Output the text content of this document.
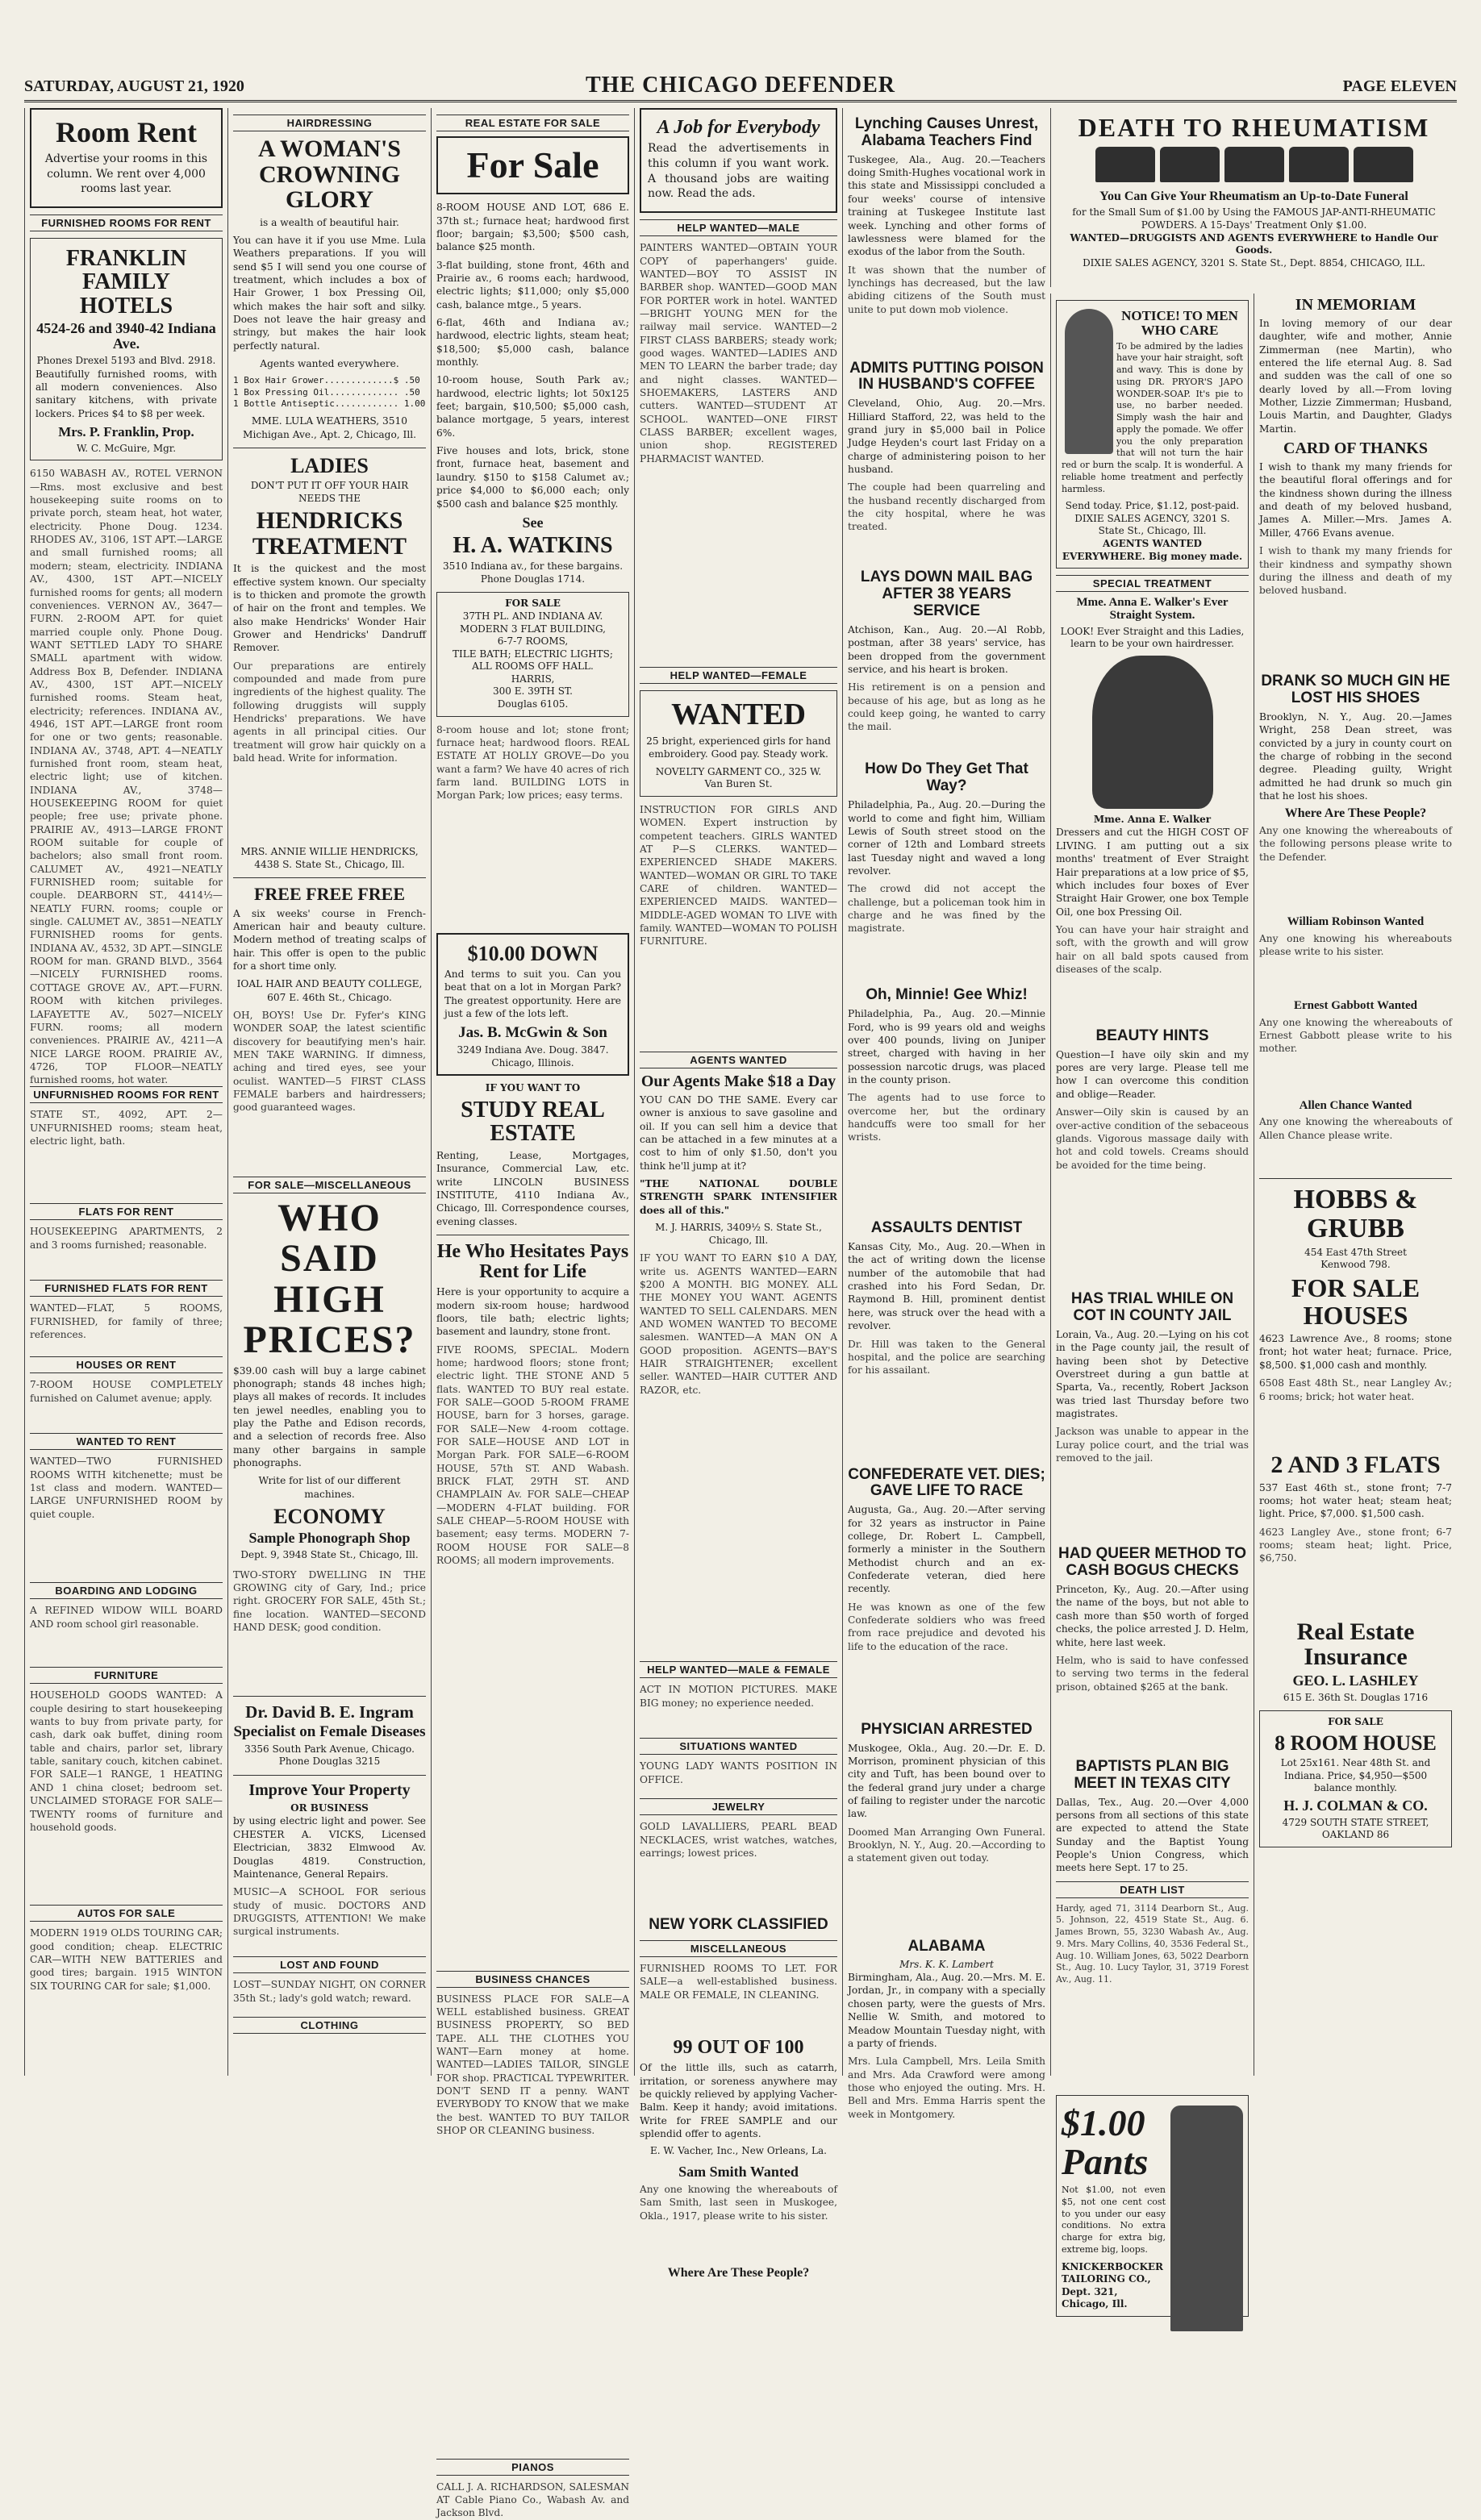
SATURDAY, AUGUST 21, 1920	THE CHICAGO DEFENDER	PAGE ELEVEN
Room Rent
Advertise your rooms in this column. We rent over 4,000 rooms last year.
FURNISHED ROOMS FOR RENT
FRANKLIN FAMILY HOTELS
4524-26 and 3940-42 Indiana Ave.
Phones Drexel 5193 and Blvd. 2918.
Beautifully furnished rooms, with all modern conveniences. Also sanitary kitchens, with private lockers. Prices $4 to $8 per week.
Mrs. P. Franklin, Prop.
W. C. McGuire, Mgr.
6150 WABASH AV., ROTEL VERNON—Rms. most exclusive and best housekeeping suite rooms on to private porch, steam heat, hot water, electricity. Phone Doug. 1234. RHODES AV., 3106, 1ST APT.—LARGE and small furnished rooms; all modern; steam, electricity. INDIANA AV., 4300, 1ST APT.—NICELY furnished rooms for gents; all modern conveniences. VERNON AV., 3647—FURN. 2-ROOM APT. for quiet married couple only. Phone Doug. WANT SETTLED LADY TO SHARE SMALL apartment with widow. Address Box B, Defender. INDIANA AV., 4300, 1ST APT.—NICELY furnished rooms. Steam heat, electricity; references. INDIANA AV., 4946, 1ST APT.—LARGE front room for one or two gents; reasonable. INDIANA AV., 3748, APT. 4—NEATLY furnished front room, steam heat, electric light; use of kitchen. INDIANA AV., 3748—HOUSEKEEPING ROOM for quiet people; free use; private phone. PRAIRIE AV., 4913—LARGE FRONT ROOM suitable for couple of bachelors; also small front room. CALUMET AV., 4921—NEATLY FURNISHED room; suitable for couple. DEARBORN ST., 4414½—NEATLY FURN. rooms; couple or single. CALUMET AV., 3851—NEATLY FURNISHED rooms for gents. INDIANA AV., 4532, 3D APT.—SINGLE ROOM for man. GRAND BLVD., 3564—NICELY FURNISHED rooms. COTTAGE GROVE AV., APT.—FURN. ROOM with kitchen privileges. LAFAYETTE AV., 5027—NICELY FURN. rooms; all modern conveniences. PRAIRIE AV., 4211—A NICE LARGE ROOM. PRAIRIE AV., 4726, TOP FLOOR—NEATLY furnished rooms, hot water.
UNFURNISHED ROOMS FOR RENT
STATE ST., 4092, APT. 2—UNFURNISHED rooms; steam heat, electric light, bath.
FLATS FOR RENT
HOUSEKEEPING APARTMENTS, 2 and 3 rooms furnished; reasonable.
FURNISHED FLATS FOR RENT
WANTED—FLAT, 5 ROOMS, FURNISHED, for family of three; references.
HOUSES OR RENT
7-ROOM HOUSE COMPLETELY furnished on Calumet avenue; apply.
WANTED TO RENT
WANTED—TWO FURNISHED ROOMS WITH kitchenette; must be 1st class and modern. WANTED—LARGE UNFURNISHED ROOM by quiet couple.
BOARDING AND LODGING
A REFINED WIDOW WILL BOARD AND room school girl reasonable.
FURNITURE
HOUSEHOLD GOODS WANTED: A couple desiring to start housekeeping wants to buy from private party, for cash, dark oak buffet, dining room table and chairs, parlor set, library table, sanitary couch, kitchen cabinet. FOR SALE—1 RANGE, 1 HEATING AND 1 china closet; bedroom set. UNCLAIMED STORAGE FOR SALE—TWENTY rooms of furniture and household goods.
AUTOS FOR SALE
MODERN 1919 OLDS TOURING CAR; good condition; cheap. ELECTRIC CAR—WITH NEW BATTERIES and good tires; bargain. 1915 WINTON SIX TOURING CAR for sale; $1,000.
HAIRDRESSING
A WOMAN'S CROWNING GLORY
is a wealth of beautiful hair.
You can have it if you use Mme. Lula Weathers preparations. If you will send $5 I will send you one course of treatment, which includes a box of Hair Grower, 1 box Pressing Oil, which makes the hair soft and silky. Does not leave the hair greasy and stringy, but makes the hair look perfectly natural.
Agents wanted everywhere.
1 Box Hair Grower.............$ .50
1 Box Pressing Oil............. .50
1 Bottle Antiseptic............ 1.00
MME. LULA WEATHERS, 3510 Michigan Ave., Apt. 2, Chicago, Ill.
LADIES
DON'T PUT IT OFF YOUR HAIR NEEDS THE
HENDRICKS TREATMENT
It is the quickest and the most effective system known. Our specialty is to thicken and promote the growth of hair on the front and temples. We also make Hendricks' Wonder Hair Grower and Hendricks' Dandruff Remover.
Our preparations are entirely compounded and made from pure ingredients of the highest quality. The following druggists will supply Hendricks' preparations. We have agents in all principal cities. Our treatment will grow hair quickly on a bald head. Write for information.
MRS. ANNIE WILLIE HENDRICKS, 4438 S. State St., Chicago, Ill.
FREE FREE FREE
A six weeks' course in French-American hair and beauty culture. Modern method of treating scalps of hair. This offer is open to the public for a short time only.
IOAL HAIR AND BEAUTY COLLEGE, 607 E. 46th St., Chicago.
OH, BOYS! Use Dr. Fyfer's KING WONDER SOAP, the latest scientific discovery for beautifying men's hair. MEN TAKE WARNING. If dimness, aching and tired eyes, see your oculist. WANTED—5 FIRST CLASS FEMALE barbers and hairdressers; good guaranteed wages.
FOR SALE—MISCELLANEOUS
WHO SAID HIGH PRICES?
$39.00 cash will buy a large cabinet phonograph; stands 48 inches high; plays all makes of records. It includes ten jewel needles, enabling you to play the Pathe and Edison records, and a selection of records free. Also many other bargains in sample phonographs.
Write for list of our different machines.
ECONOMY
Sample Phonograph Shop
Dept. 9, 3948 State St., Chicago, Ill.
TWO-STORY DWELLING IN THE GROWING city of Gary, Ind.; price right. GROCERY FOR SALE, 45th St.; fine location. WANTED—SECOND HAND DESK; good condition.
Dr. David B. E. Ingram
Specialist on Female Diseases
3356 South Park Avenue, Chicago. Phone Douglas 3215
Improve Your Property
OR BUSINESS
by using electric light and power. See CHESTER A. VICKS, Licensed Electrician, 3832 Elmwood Av. Douglas 4819. Construction, Maintenance, General Repairs.
MUSIC—A SCHOOL FOR serious study of music. DOCTORS AND DRUGGISTS, ATTENTION! We make surgical instruments.
LOST AND FOUND
LOST—SUNDAY NIGHT, ON CORNER 35th St.; lady's gold watch; reward.
CLOTHING
REAL ESTATE FOR SALE
For Sale
8-ROOM HOUSE AND LOT, 686 E. 37th st.; furnace heat; hardwood first floor; bargain; $3,500; $500 cash, balance $25 month.
3-flat building, stone front, 46th and Prairie av., 6 rooms each; hardwood, electric lights; $11,000; only $5,000 cash, balance mtge., 5 years.
6-flat, 46th and Indiana av.; hardwood, electric lights, steam heat; $18,500; $5,000 cash, balance monthly.
10-room house, South Park av.; hardwood, electric lights; lot 50x125 feet; bargain, $10,500; $5,000 cash, balance mortgage, 5 years, interest 6%.
Five houses and lots, brick, stone front, furnace heat, basement and laundry. $150 to $158 Calumet av.; price $4,000 to $6,000 each; only $500 cash and balance $25 monthly.
See
H. A. WATKINS
3510 Indiana av., for these bargains. Phone Douglas 1714.
FOR SALE
37TH PL. AND INDIANA AV.
MODERN 3 FLAT BUILDING,
6-7-7 ROOMS,
TILE BATH; ELECTRIC LIGHTS;
ALL ROOMS OFF HALL.
HARRIS,
300 E. 39TH ST.
Douglas 6105.
8-room house and lot; stone front; furnace heat; hardwood floors. REAL ESTATE AT HOLLY GROVE—Do you want a farm? We have 40 acres of rich farm land. BUILDING LOTS in Morgan Park; low prices; easy terms.
$10.00 DOWN
And terms to suit you. Can you beat that on a lot in Morgan Park? The greatest opportunity. Here are just a few of the lots left.
Jas. B. McGwin & Son
3249 Indiana Ave. Doug. 3847. Chicago, Illinois.
IF YOU WANT TO
STUDY REAL ESTATE
Renting, Lease, Mortgages, Insurance, Commercial Law, etc. write LINCOLN BUSINESS INSTITUTE, 4110 Indiana Av., Chicago, Ill. Correspondence courses, evening classes.
He Who Hesitates Pays Rent for Life
Here is your opportunity to acquire a modern six-room house; hardwood floors, tile bath; electric lights; basement and laundry, stone front.
FIVE ROOMS, SPECIAL. Modern home; hardwood floors; stone front; electric light. THE STONE AND 5 flats. WANTED TO BUY real estate. FOR SALE—GOOD 5-ROOM FRAME HOUSE, barn for 3 horses, garage. FOR SALE—New 4-room cottage. FOR SALE—HOUSE AND LOT in Morgan Park. FOR SALE—6-ROOM HOUSE, 57th ST. AND Wabash. BRICK FLAT, 29TH ST. AND CHAMPLAIN Av. FOR SALE—CHEAP—MODERN 4-FLAT building. FOR SALE CHEAP—5-ROOM HOUSE with basement; easy terms. MODERN 7-ROOM HOUSE FOR SALE—8 ROOMS; all modern improvements.
BUSINESS CHANCES
BUSINESS PLACE FOR SALE—A WELL established business. GREAT BUSINESS PROPERTY, SO BED TAPE. ALL THE CLOTHES YOU WANT—Earn money at home. WANTED—LADIES TAILOR, SINGLE FOR shop. PRACTICAL TYPEWRITER. DON'T SEND IT a penny. WANT EVERYBODY TO KNOW that we make the best. WANTED TO BUY TAILOR SHOP OR CLEANING business.
PIANOS
CALL J. A. RICHARDSON, SALESMAN AT Cable Piano Co., Wabash Av. and Jackson Blvd.
A Job for Everybody
Read the advertisements in this column if you want work. A thousand jobs are waiting now. Read the ads.
HELP WANTED—MALE
PAINTERS WANTED—OBTAIN YOUR COPY of paperhangers' guide. WANTED—BOY TO ASSIST IN BARBER shop. WANTED—GOOD MAN FOR PORTER work in hotel. WANTED—BRIGHT YOUNG MEN for the railway mail service. WANTED—2 FIRST CLASS BARBERS; steady work; good wages. WANTED—LADIES AND MEN TO LEARN the barber trade; day and night classes. WANTED—SHOEMAKERS, LASTERS AND cutters. WANTED—STUDENT AT SCHOOL. WANTED—ONE FIRST CLASS BARBER; excellent wages, union shop. REGISTERED PHARMACIST WANTED.
HELP WANTED—FEMALE
WANTED
25 bright, experienced girls for hand embroidery. Good pay. Steady work.
NOVELTY GARMENT CO., 325 W. Van Buren St.
INSTRUCTION FOR GIRLS AND WOMEN. Expert instruction by competent teachers. GIRLS WANTED AT P—S CLERKS. WANTED—EXPERIENCED SHADE MAKERS. WANTED—WOMAN OR GIRL TO TAKE CARE of children. WANTED—EXPERIENCED MAIDS. WANTED—MIDDLE-AGED WOMAN TO LIVE with family. WANTED—WOMAN TO POLISH FURNITURE.
AGENTS WANTED
Our Agents Make $18 a Day
YOU CAN DO THE SAME. Every car owner is anxious to save gasoline and oil. If you can sell him a device that can be attached in a few minutes at a cost to him of only $1.50, don't you think he'll jump at it?
"THE NATIONAL DOUBLE STRENGTH SPARK INTENSIFIER does all of this."
M. J. HARRIS, 3409½ S. State St., Chicago, Ill.
IF YOU WANT TO EARN $10 A DAY, write us. AGENTS WANTED—EARN $200 A MONTH. BIG MONEY. ALL THE MONEY YOU WANT. AGENTS WANTED TO SELL CALENDARS. MEN AND WOMEN WANTED TO BECOME salesmen. WANTED—A MAN ON A GOOD proposition. AGENTS—BAY'S HAIR STRAIGHTENER; excellent seller. WANTED—HAIR CUTTER AND RAZOR, etc.
HELP WANTED—MALE & FEMALE
ACT IN MOTION PICTURES. MAKE BIG money; no experience needed.
SITUATIONS WANTED
YOUNG LADY WANTS POSITION IN OFFICE.
JEWELRY
GOLD LAVALLIERS, PEARL BEAD NECKLACES, wrist watches, watches, earrings; lowest prices.
NEW YORK CLASSIFIED
MISCELLANEOUS
FURNISHED ROOMS TO LET. FOR SALE—a well-established business. MALE OR FEMALE, IN CLEANING.
99 OUT OF 100
Of the little ills, such as catarrh, irritation, or soreness anywhere may be quickly relieved by applying Vacher-Balm. Keep it handy; avoid imitations. Write for FREE SAMPLE and our splendid offer to agents.
E. W. Vacher, Inc., New Orleans, La.
Sam Smith Wanted
Any one knowing the whereabouts of Sam Smith, last seen in Muskogee, Okla., 1917, please write to his sister.
Where Are These People?
Lynching Causes Unrest, Alabama Teachers Find
Tuskegee, Ala., Aug. 20.—Teachers doing Smith-Hughes vocational work in this state and Mississippi concluded a four weeks' course of intensive training at Tuskegee Institute last week. Lynching and other forms of lawlessness were blamed for the exodus of the labor from the South.
It was shown that the number of lynchings has decreased, but the law abiding citizens of the South must unite to put down mob violence.
ADMITS PUTTING POISON IN HUSBAND'S COFFEE
Cleveland, Ohio, Aug. 20.—Mrs. Hilliard Stafford, 22, was held to the grand jury in $5,000 bail in Police Judge Heyden's court last Friday on a charge of administering poison to her husband.
The couple had been quarreling and the husband recently discharged from the city hospital, where he was treated.
LAYS DOWN MAIL BAG AFTER 38 YEARS SERVICE
Atchison, Kan., Aug. 20.—Al Robb, postman, after 38 years' service, has been dropped from the government service, and his heart is broken.
His retirement is on a pension and because of his age, but as long as he could keep going, he wanted to carry the mail.
How Do They Get That Way?
Philadelphia, Pa., Aug. 20.—During the world to come and fight him, William Lewis of South street stood on the corner of 12th and Lombard streets last Tuesday night and waved a long revolver.
The crowd did not accept the challenge, but a policeman took him in charge and he was fined by the magistrate.
Oh, Minnie! Gee Whiz!
Philadelphia, Pa., Aug. 20.—Minnie Ford, who is 99 years old and weighs over 400 pounds, living on Juniper street, charged with having in her possession narcotic drugs, was placed in the county prison.
The agents had to use force to overcome her, but the ordinary handcuffs were too small for her wrists.
ASSAULTS DENTIST
Kansas City, Mo., Aug. 20.—When in the act of writing down the license number of the automobile that had crashed into his Ford Sedan, Dr. Raymond B. Hill, prominent dentist here, was struck over the head with a revolver.
Dr. Hill was taken to the General hospital, and the police are searching for his assailant.
CONFEDERATE VET. DIES; GAVE LIFE TO RACE
Augusta, Ga., Aug. 20.—After serving for 32 years as instructor in Paine college, Dr. Robert L. Campbell, formerly a minister in the Southern Methodist church and an ex-Confederate veteran, died here recently.
He was known as one of the few Confederate soldiers who was freed from race prejudice and devoted his life to the education of the race.
PHYSICIAN ARRESTED
Muskogee, Okla., Aug. 20.—Dr. E. D. Morrison, prominent physician of this city and Tuft, has been bound over to the federal grand jury under a charge of failing to register under the narcotic law.
Doomed Man Arranging Own Funeral. Brooklyn, N. Y., Aug. 20.—According to a statement given out today.
ALABAMA
Mrs. K. K. Lambert
Birmingham, Ala., Aug. 20.—Mrs. M. E. Jordan, Jr., in company with a specially chosen party, were the guests of Mrs. Nellie W. Smith, and motored to Meadow Mountain Tuesday night, with a party of friends.
Mrs. Lula Campbell, Mrs. Leila Smith and Mrs. Ada Crawford were among those who enjoyed the outing. Mrs. H. Bell and Mrs. Emma Harris spent the week in Montgomery.
DEATH TO RHEUMATISM
You Can Give Your Rheumatism an Up-to-Date Funeral
for the Small Sum of $1.00 by Using the FAMOUS JAP-ANTI-RHEUMATIC POWDERS. A 15-Days' Treatment Only $1.00.
WANTED—DRUGGISTS AND AGENTS EVERYWHERE to Handle Our Goods.
DIXIE SALES AGENCY, 3201 S. State St., Dept. 8854, CHICAGO, ILL.
NOTICE! TO MEN WHO CARE
To be admired by the ladies have your hair straight, soft and wavy. This is done by using DR. PRYOR'S JAPO WONDER-SOAP. It's pie to use, no barber needed. Simply wash the hair and apply the pomade. We offer you the only preparation that will not turn the hair red or burn the scalp. It is wonderful. A reliable home treatment and perfectly harmless.
Send today. Price, $1.12, post-paid.
DIXIE SALES AGENCY, 3201 S. State St., Chicago, Ill.
AGENTS WANTED EVERYWHERE. Big money made.
SPECIAL TREATMENT
Mme. Anna E. Walker's Ever Straight System.
LOOK! Ever Straight and this Ladies, learn to be your own hairdresser.
Mme. Anna E. Walker
Dressers and cut the HIGH COST OF LIVING. I am putting out a six months' treatment of Ever Straight Hair preparations at a low price of $5, which includes four boxes of Ever Straight Hair Grower, one box Temple Oil, one box Pressing Oil.
You can have your hair straight and soft, with the growth and will grow hair on all bald spots caused from diseases of the scalp.
BEAUTY HINTS
Question—I have oily skin and my pores are very large. Please tell me how I can overcome this condition and oblige—Reader.
Answer—Oily skin is caused by an over-active condition of the sebaceous glands. Vigorous massage daily with hot and cold towels. Creams should be avoided for the time being.
HAS TRIAL WHILE ON COT IN COUNTY JAIL
Lorain, Va., Aug. 20.—Lying on his cot in the Page county jail, the result of having been shot by Detective Overstreet during a gun battle at Sparta, Va., recently, Robert Jackson was tried last Thursday before two magistrates.
Jackson was unable to appear in the Luray police court, and the trial was removed to the jail.
HAD QUEER METHOD TO CASH BOGUS CHECKS
Princeton, Ky., Aug. 20.—After using the name of the boys, but not able to cash more than $50 worth of forged checks, the police arrested J. D. Helm, white, here last week.
Helm, who is said to have confessed to serving two terms in the federal prison, obtained $265 at the bank.
BAPTISTS PLAN BIG MEET IN TEXAS CITY
Dallas, Tex., Aug. 20.—Over 4,000 persons from all sections of this state are expected to attend the State Sunday and the Baptist Young People's Union Congress, which meets here Sept. 17 to 25.
DEATH LIST
Hardy, aged 71, 3114 Dearborn St., Aug. 5. Johnson, 22, 4519 State St., Aug. 6. James Brown, 55, 3230 Wabash Av., Aug. 9. Mrs. Mary Collins, 40, 3536 Federal St., Aug. 10. William Jones, 63, 5022 Dearborn St., Aug. 10. Lucy Taylor, 31, 3719 Forest Av., Aug. 11.
$1.00 Pants
Not $1.00, not even $5, not one cent cost to you under our easy conditions. No extra charge for extra big, extreme big, loops.
KNICKERBOCKER TAILORING CO., Dept. 321, Chicago, Ill.
IN MEMORIAM
In loving memory of our dear daughter, wife and mother, Annie Zimmerman (nee Martin), who entered the life eternal Aug. 8. Sad and sudden was the call of one so dearly loved by all.—From loving Mother, Lizzie Zimmerman; Husband, Louis Martin, and Daughter, Gladys Martin.
CARD OF THANKS
I wish to thank my many friends for the beautiful floral offerings and for the kindness shown during the illness and death of my beloved husband, James A. Miller.—Mrs. James A. Miller, 4766 Evans avenue.
I wish to thank my many friends for their kindness and sympathy shown during the illness and death of my beloved husband.
DRANK SO MUCH GIN HE LOST HIS SHOES
Brooklyn, N. Y., Aug. 20.—James Wright, 258 Dean street, was convicted by a jury in county court on the charge of robbing in the second degree. Pleading guilty, Wright admitted he had drunk so much gin that he lost his shoes.
Where Are These People?
Any one knowing the whereabouts of the following persons please write to the Defender.
William Robinson Wanted
Any one knowing his whereabouts please write to his sister.
Ernest Gabbott Wanted
Any one knowing the whereabouts of Ernest Gabbott please write to his mother.
Allen Chance Wanted
Any one knowing the whereabouts of Allen Chance please write.
HOBBS & GRUBB
454 East 47th Street
Kenwood 798.
FOR SALE HOUSES
4623 Lawrence Ave., 8 rooms; stone front; hot water heat; furnace. Price, $8,500. $1,000 cash and monthly.
6508 East 48th St., near Langley Av.; 6 rooms; brick; hot water heat.
2 AND 3 FLATS
537 East 46th st., stone front; 7-7 rooms; hot water heat; steam heat; light. Price, $7,000. $1,500 cash.
4623 Langley Ave., stone front; 6-7 rooms; steam heat; light. Price, $6,750.
Real Estate Insurance
GEO. L. LASHLEY
615 E. 36th St. Douglas 1716
FOR SALE
8 ROOM HOUSE
Lot 25x161. Near 48th St. and Indiana. Price, $4,950—$500 balance monthly.
H. J. COLMAN & CO.
4729 SOUTH STATE STREET, OAKLAND 86
